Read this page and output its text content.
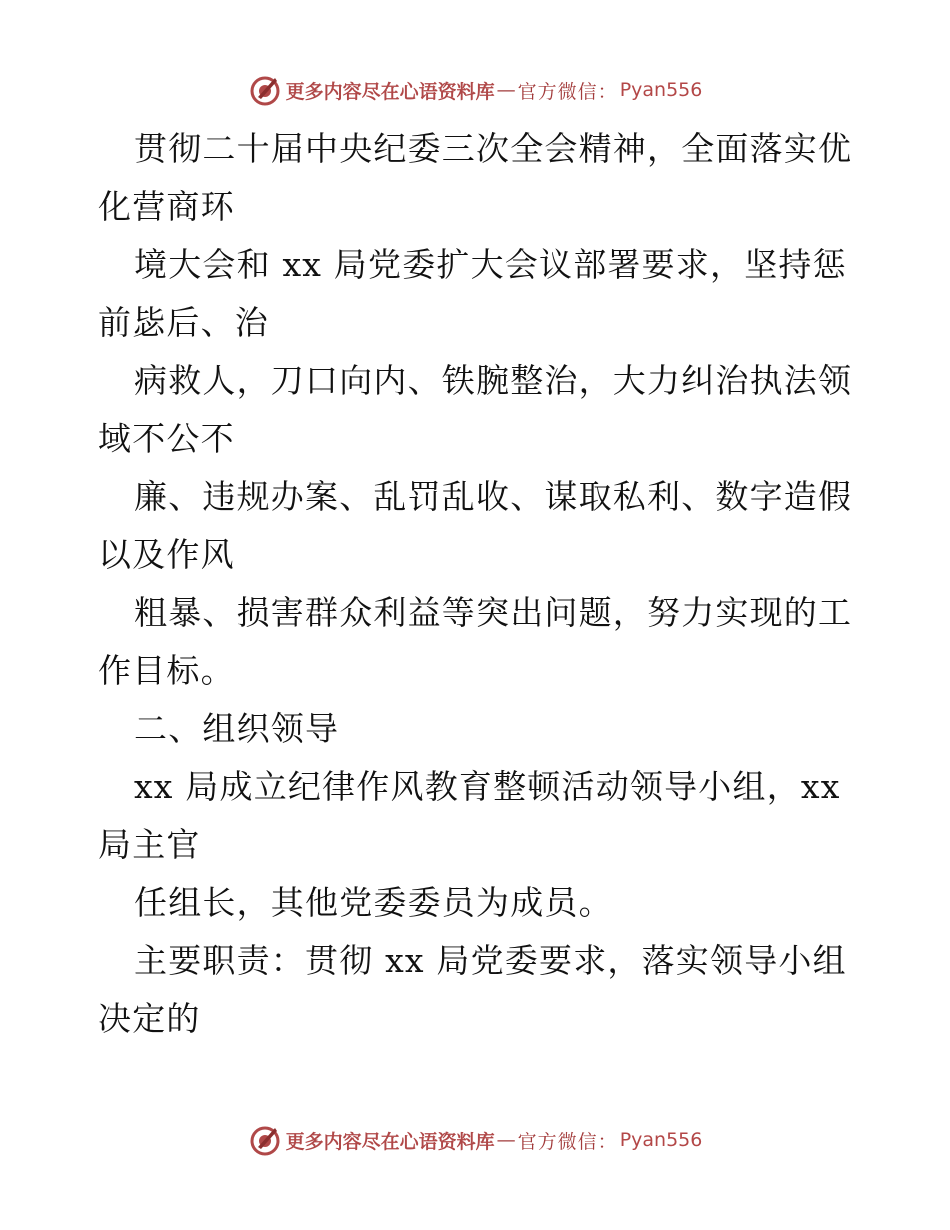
更多内容尽在心语资料库 — 官方微信： Pyan556
贯彻二十届中央纪委三次全会精神，全面落实优
化营商环
境大会和 xx 局党委扩大会议部署要求，坚持惩
前毖后、治
病救人，刀口向内、铁腕整治，大力纠治执法领
域不公不
廉、违规办案、乱罚乱收、谋取私利、数字造假
以及作风
粗暴、损害群众利益等突出问题，努力实现的工
作目标。
二、组织领导
xx 局成立纪律作风教育整顿活动领导小组，xx
局主官
任组长，其他党委委员为成员。
主要职责：贯彻 xx 局党委要求，落实领导小组
决定的
更多内容尽在心语资料库 — 官方微信： Pyan556
